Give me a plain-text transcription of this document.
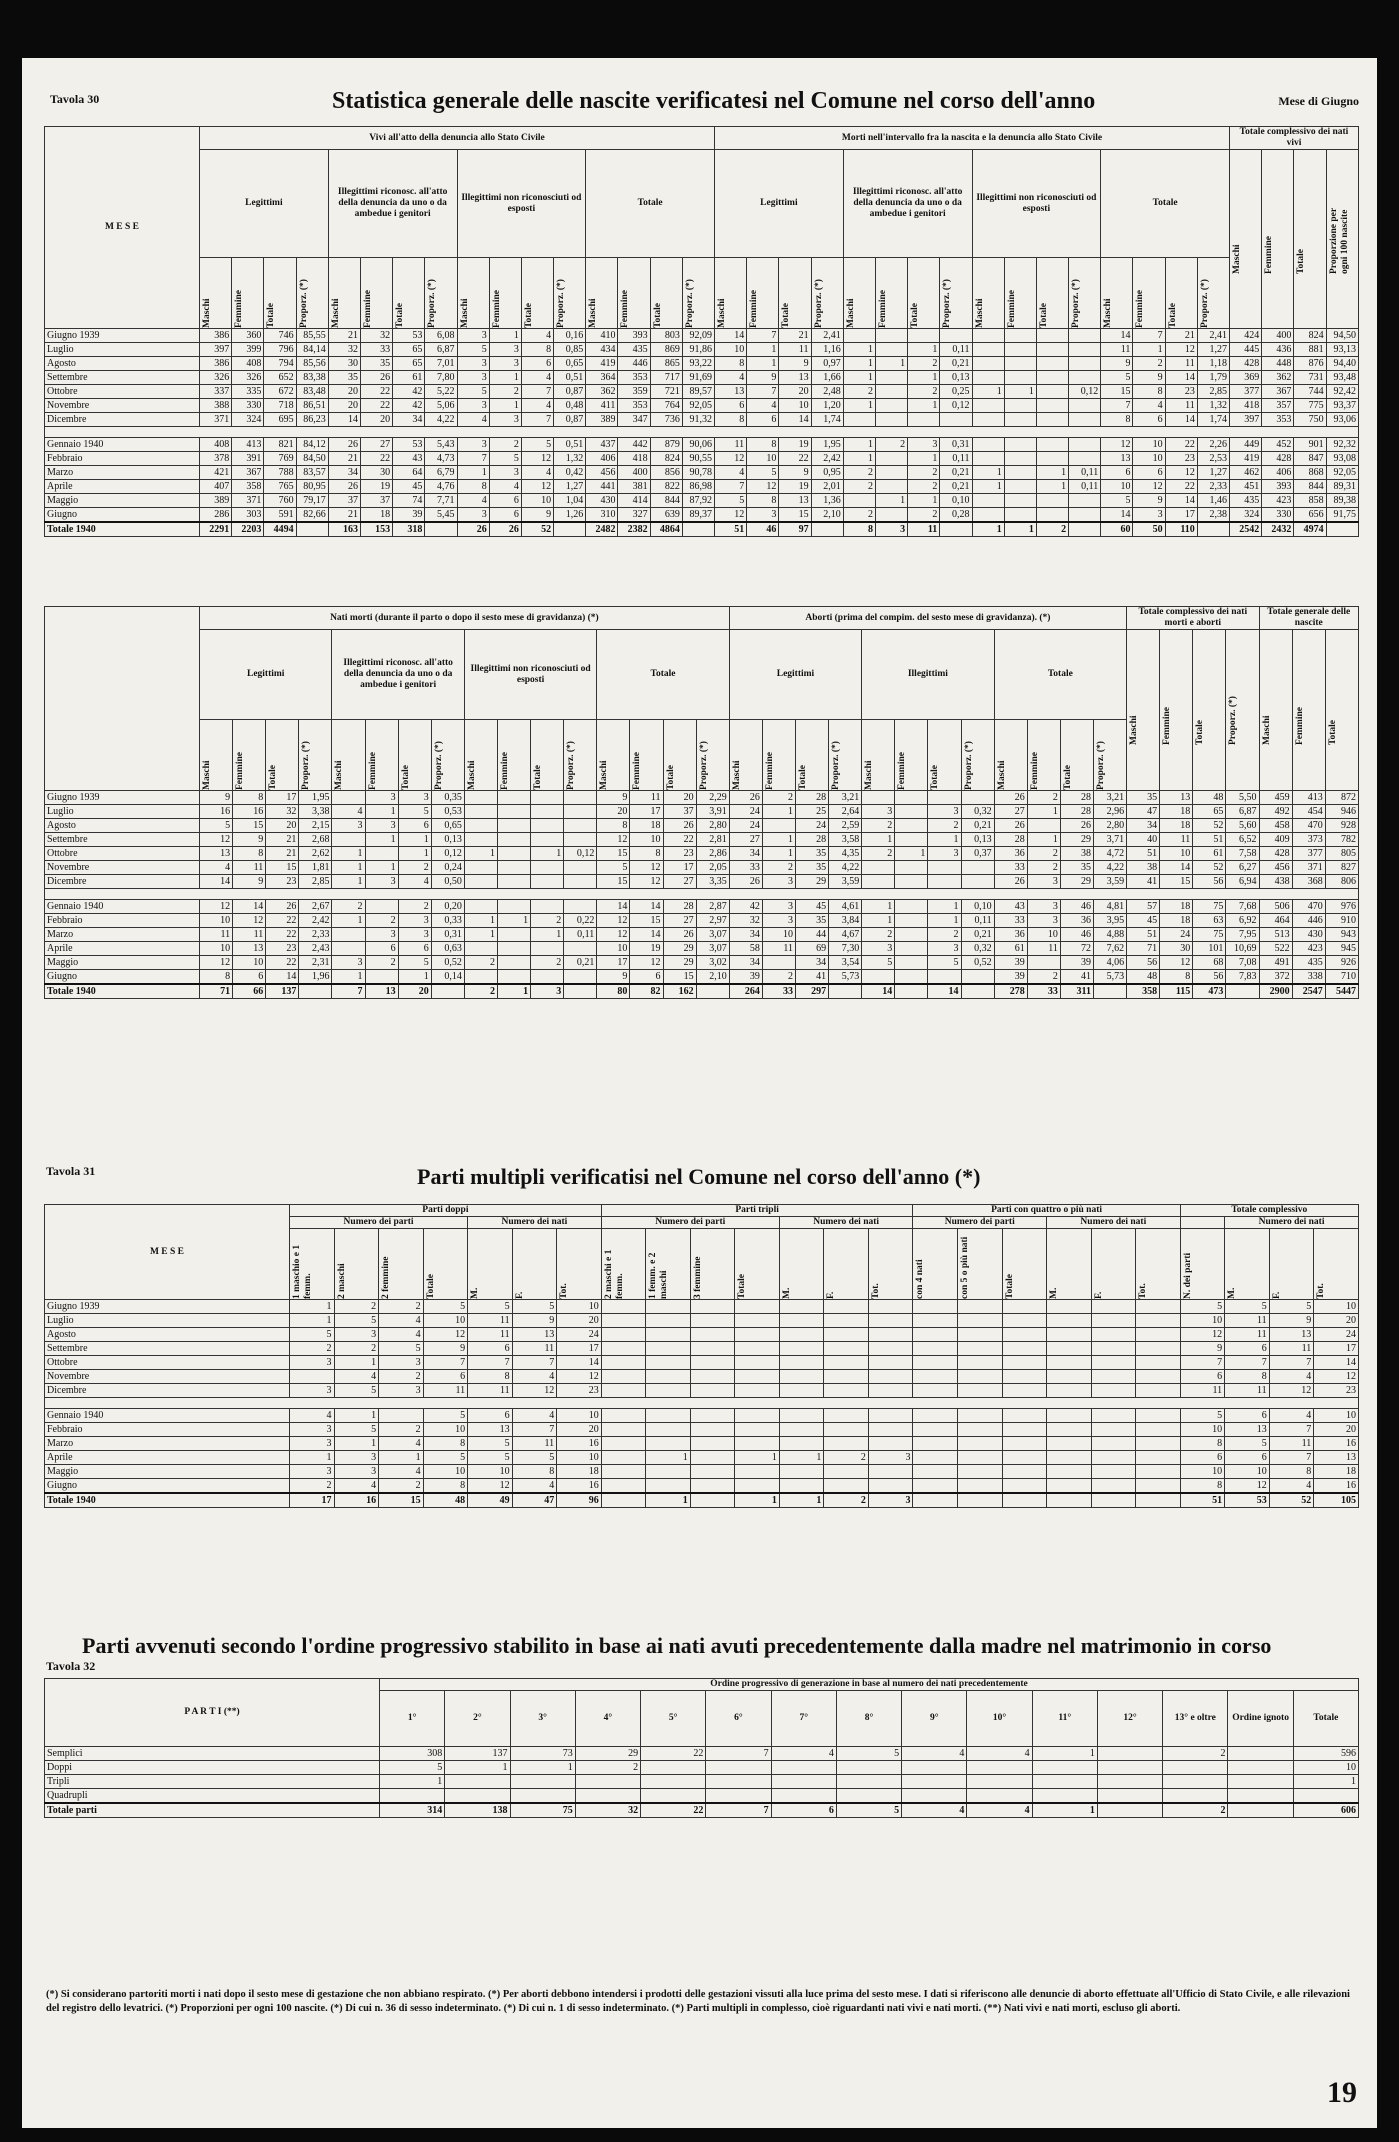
Tavola 30	Statistica generale delle nascite verificatesi nel Comune nel corso dell'anno	Mese di Giugno
M E S E	Vivi all'atto della denuncia allo Stato Civile																Morti nell'intervallo fra la nascita e la denuncia allo Stato Civile																Totale complessivo dei nati vivi			
	Legittimi				Illegittimi riconosc. all'atto della denuncia da uno o da ambedue i genitori				Illegittimi non riconosciuti od esposti				Totale				Legittimi				Illegittimi riconosc. all'atto della denuncia da uno o da ambedue i genitori				Illegittimi non riconosciuti od esposti				Totale				Maschi	Femmine	Totale	Proporzione per ogni 100 nascite

	Maschi	Femmine	Totale	Proporz. (*)	Maschi	Femmine	Totale	Proporz. (*)	Maschi	Femmine	Totale	Proporz. (*)	Maschi	Femmine	Totale	Proporz. (*)	Maschi	Femmine	Totale	Proporz. (*)	Maschi	Femmine	Totale	Proporz. (*)	Maschi	Femmine	Totale	Proporz. (*)	Maschi	Femmine	Totale	Proporz. (*)				

Giugno 1939	386	360	746	85,55	21	32	53	6,08	3	1	4	0,16	410	393	803	92,09	14	7	21	2,41									14	7	21	2,41	424	400	824	94,50
Luglio	397	399	796	84,14	32	33	65	6,87	5	3	8	0,85	434	435	869	91,86	10	1	11	1,16	1		1	0,11					11	1	12	1,27	445	436	881	93,13
Agosto	386	408	794	85,56	30	35	65	7,01	3	3	6	0,65	419	446	865	93,22	8	1	9	0,97	1	1	2	0,21					9	2	11	1,18	428	448	876	94,40
Settembre	326	326	652	83,38	35	26	61	7,80	3	1	4	0,51	364	353	717	91,69	4	9	13	1,66	1		1	0,13					5	9	14	1,79	369	362	731	93,48
Ottobre	337	335	672	83,48	20	22	42	5,22	5	2	7	0,87	362	359	721	89,57	13	7	20	2,48	2		2	0,25	1	1		0,12	15	8	23	2,85	377	367	744	92,42
Novembre	388	330	718	86,51	20	22	42	5,06	3	1	4	0,48	411	353	764	92,05	6	4	10	1,20	1		1	0,12					7	4	11	1,32	418	357	775	93,37
Dicembre	371	324	695	86,23	14	20	34	4,22	4	3	7	0,87	389	347	736	91,32	8	6	14	1,74									8	6	14	1,74	397	353	750	93,06

Gennaio 1940	408	413	821	84,12	26	27	53	5,43	3	2	5	0,51	437	442	879	90,06	11	8	19	1,95	1	2	3	0,31					12	10	22	2,26	449	452	901	92,32
Febbraio	378	391	769	84,50	21	22	43	4,73	7	5	12	1,32	406	418	824	90,55	12	10	22	2,42	1		1	0,11					13	10	23	2,53	419	428	847	93,08
Marzo	421	367	788	83,57	34	30	64	6,79	1	3	4	0,42	456	400	856	90,78	4	5	9	0,95	2		2	0,21	1		1	0,11	6	6	12	1,27	462	406	868	92,05
Aprile	407	358	765	80,95	26	19	45	4,76	8	4	12	1,27	441	381	822	86,98	7	12	19	2,01	2		2	0,21	1		1	0,11	10	12	22	2,33	451	393	844	89,31
Maggio	389	371	760	79,17	37	37	74	7,71	4	6	10	1,04	430	414	844	87,92	5	8	13	1,36		1	1	0,10					5	9	14	1,46	435	423	858	89,38
Giugno	286	303	591	82,66	21	18	39	5,45	3	6	9	1,26	310	327	639	89,37	12	3	15	2,10	2		2	0,28					14	3	17	2,38	324	330	656	91,75
Totale 1940	2291	2203	4494		163	153	318		26	26	52		2482	2382	4864		51	46	97		8	3	11		1	1	2		60	50	110		2542	2432	4974	
	Nati morti (durante il parto o dopo il sesto mese di gravidanza) (*)																Aborti (prima del compim. del sesto mese di gravidanza). (*)												Totale complessivo dei nati morti e aborti				Totale generale delle nascite		
	Legittimi				Illegittimi riconosc. all'atto della denuncia da uno o da ambedue i genitori				Illegittimi non riconosciuti od esposti				Totale				Legittimi				Illegittimi				Totale				Maschi	Femmine	Totale	Proporz. (*)	Maschi	Femmine	Totale

	Maschi	Femmine	Totale	Proporz. (*)	Maschi	Femmine	Totale	Proporz. (*)	Maschi	Femmine	Totale	Proporz. (*)	Maschi	Femmine	Totale	Proporz. (*)	Maschi	Femmine	Totale	Proporz. (*)	Maschi	Femmine	Totale	Proporz. (*)	Maschi	Femmine	Totale	Proporz. (*)							

Giugno 1939	9	8	17	1,95		3	3	0,35					9	11	20	2,29	26	2	28	3,21					26	2	28	3,21	35	13	48	5,50	459	413	872
Luglio	16	16	32	3,38	4	1	5	0,53					20	17	37	3,91	24	1	25	2,64	3		3	0,32	27	1	28	2,96	47	18	65	6,87	492	454	946
Agosto	5	15	20	2,15	3	3	6	0,65					8	18	26	2,80	24		24	2,59	2		2	0,21	26		26	2,80	34	18	52	5,60	458	470	928
Settembre	12	9	21	2,68		1	1	0,13					12	10	22	2,81	27	1	28	3,58	1		1	0,13	28	1	29	3,71	40	11	51	6,52	409	373	782
Ottobre	13	8	21	2,62	1		1	0,12	1		1	0,12	15	8	23	2,86	34	1	35	4,35	2	1	3	0,37	36	2	38	4,72	51	10	61	7,58	428	377	805
Novembre	4	11	15	1,81	1	1	2	0,24					5	12	17	2,05	33	2	35	4,22					33	2	35	4,22	38	14	52	6,27	456	371	827
Dicembre	14	9	23	2,85	1	3	4	0,50					15	12	27	3,35	26	3	29	3,59					26	3	29	3,59	41	15	56	6,94	438	368	806

Gennaio 1940	12	14	26	2,67	2		2	0,20					14	14	28	2,87	42	3	45	4,61	1		1	0,10	43	3	46	4,81	57	18	75	7,68	506	470	976
Febbraio	10	12	22	2,42	1	2	3	0,33	1	1	2	0,22	12	15	27	2,97	32	3	35	3,84	1		1	0,11	33	3	36	3,95	45	18	63	6,92	464	446	910
Marzo	11	11	22	2,33		3	3	0,31	1		1	0,11	12	14	26	3,07	34	10	44	4,67	2		2	0,21	36	10	46	4,88	51	24	75	7,95	513	430	943
Aprile	10	13	23	2,43		6	6	0,63					10	19	29	3,07	58	11	69	7,30	3		3	0,32	61	11	72	7,62	71	30	101	10,69	522	423	945
Maggio	12	10	22	2,31	3	2	5	0,52	2		2	0,21	17	12	29	3,02	34		34	3,54	5		5	0,52	39		39	4,06	56	12	68	7,08	491	435	926
Giugno	8	6	14	1,96	1		1	0,14					9	6	15	2,10	39	2	41	5,73					39	2	41	5,73	48	8	56	7,83	372	338	710
Totale 1940	71	66	137		7	13	20		2	1	3		80	82	162		264	33	297		14		14		278	33	311		358	115	473		2900	2547	5447
Tavola 31	Parti multipli verificatisi nel Comune nel corso dell'anno (*)
M E S E	Parti doppi							Parti tripli							Parti con quattro o più nati						Totale complessivo			
	Numero dei parti				Numero dei nati			Numero dei parti				Numero dei nati			Numero dei parti			Numero dei nati				Numero dei nati		

	1 maschio e 1 femm.	2 maschi	2 femmine	Totale	M.	F.	Tot.	2 maschi e 1 femm.	1 femm. e 2 maschi	3 femmine	Totale	M.	F.	Tot.	con 4 nati	con 5 o più nati	Totale	M.	F.	Tot.	N. dei parti	M.	F.	Tot.

Giugno 1939	1	2	2	5	5	5	10														5	5	5	10
Luglio	1	5	4	10	11	9	20														10	11	9	20
Agosto	5	3	4	12	11	13	24														12	11	13	24
Settembre	2	2	5	9	6	11	17														9	6	11	17
Ottobre	3	1	3	7	7	7	14														7	7	7	14
Novembre		4	2	6	8	4	12														6	8	4	12
Dicembre	3	5	3	11	11	12	23														11	11	12	23

Gennaio 1940	4	1		5	6	4	10														5	6	4	10
Febbraio	3	5	2	10	13	7	20														10	13	7	20
Marzo	3	1	4	8	5	11	16														8	5	11	16
Aprile	1	3	1	5	5	5	10		1		1	1	2	3							6	6	7	13
Maggio	3	3	4	10	10	8	18														10	10	8	18
Giugno	2	4	2	8	12	4	16														8	12	4	16
Totale 1940	17	16	15	48	49	47	96		1		1	1	2	3							51	53	52	105
Parti avvenuti secondo l'ordine progressivo stabilito in base ai nati avuti precedentemente dalla madre nel matrimonio in corso
Tavola 32
P A R T I (**)	Ordine progressivo di generazione in base al numero dei nati precedentemente														
	1°	2°	3°	4°	5°	6°	7°	8°	9°	10°	11°	12°	13° e oltre	Ordine ignoto	Totale
Semplici	308	137	73	29	22	7	4	5	4	4	1		2		596
Doppi	5	1	1	2											10
Tripli	1														1
Quadrupli															
Totale parti	314	138	75	32	22	7	6	5	4	4	1		2		606
(*) Si considerano partoriti morti i nati dopo il sesto mese di gestazione che non abbiano respirato. (*) Per aborti debbono intendersi i prodotti delle gestazioni vissuti alla luce prima del sesto mese. I dati si riferiscono alle denuncie di aborto effettuate all'Ufficio di Stato Civile, e alle rilevazioni del registro dello levatrici. (*) Proporzioni per ogni 100 nascite. (*) Di cui n. 36 di sesso indeterminato. (*) Di cui n. 1 di sesso indeterminato. (*) Parti multipli in complesso, cioè riguardanti nati vivi e nati morti. (**) Nati vivi e nati morti, escluso gli aborti.
19
